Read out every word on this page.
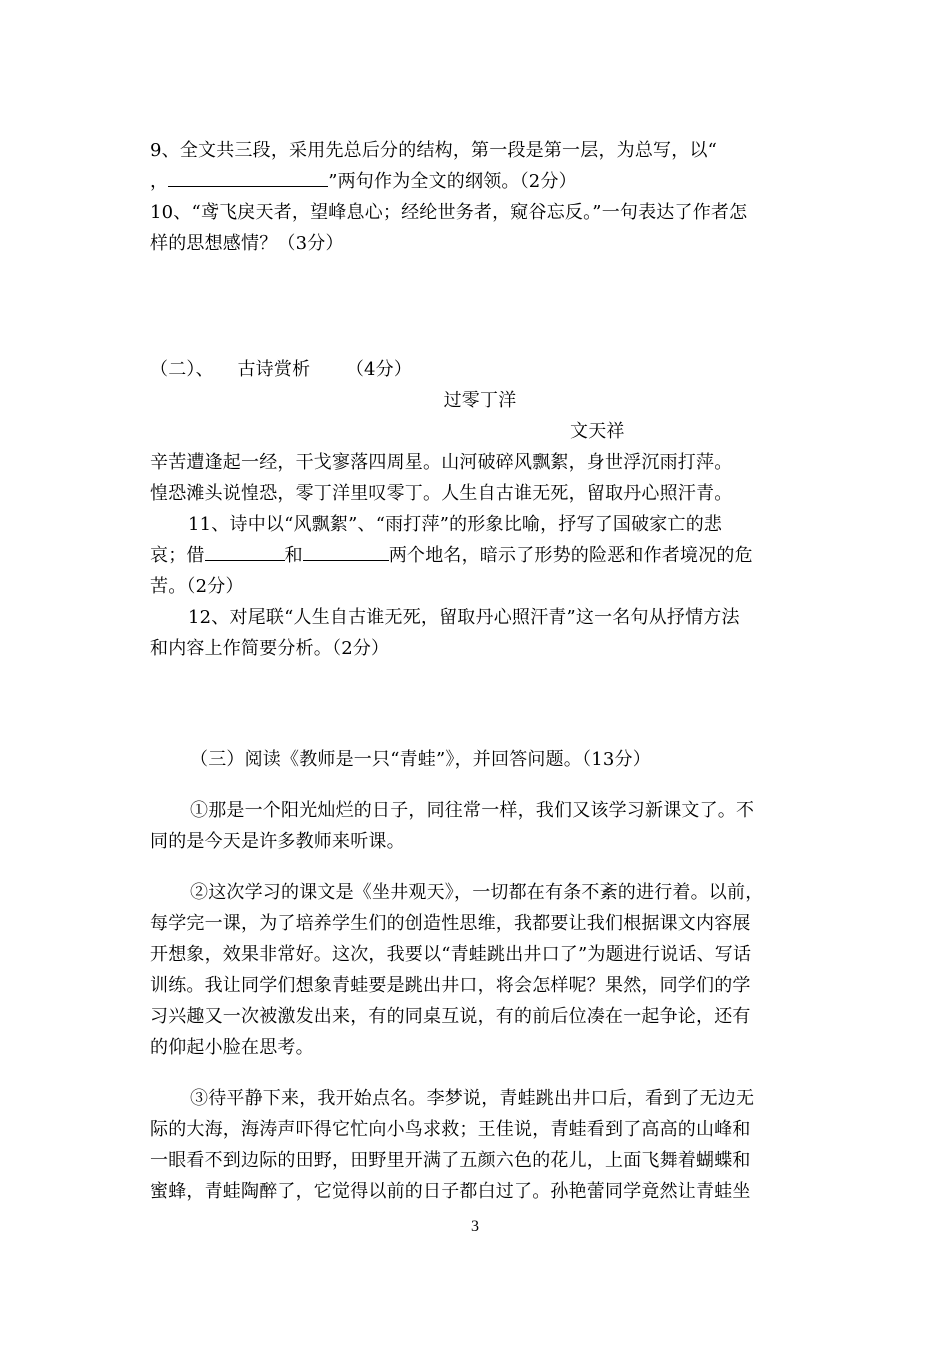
9、全文共三段，采用先总后分的结构，第一段是第一层，为总写，以“

，	”两句作为全文的纲领。（2分）

10、“鸢飞戾天者，望峰息心；经纶世务者，窥谷忘反。”一句表达了作者怎

样的思想感情？（3分）

（二）、    古诗赏析      （4分）

过零丁洋

文天祥

辛苦遭逢起一经，干戈寥落四周星。山河破碎风飘絮，身世浮沉雨打萍。

惶恐滩头说惶恐，零丁洋里叹零丁。人生自古谁无死，留取丹心照汗青。

11、诗中以“风飘絮”、“雨打萍”的形象比喻，抒写了国破家亡的悲

哀；借	和	两个地名，暗示了形势的险恶和作者境况的危

苦。（2分）

12、对尾联“人生自古谁无死，留取丹心照汗青”这一名句从抒情方法

和内容上作简要分析。（2分）

（三）阅读《教师是一只“青蛙”》，并回答问题。（13分）

①那是一个阳光灿烂的日子，同往常一样，我们又该学习新课文了。不

同的是今天是许多教师来听课。

②这次学习的课文是《坐井观天》，一切都在有条不紊的进行着。以前，

每学完一课，为了培养学生们的创造性思维，我都要让我们根据课文内容展

开想象，效果非常好。这次，我要以“青蛙跳出井口了”为题进行说话、写话

训练。我让同学们想象青蛙要是跳出井口，将会怎样呢？果然，同学们的学

习兴趣又一次被激发出来，有的同桌互说，有的前后位凑在一起争论，还有

的仰起小脸在思考。

③待平静下来，我开始点名。李梦说，青蛙跳出井口后，看到了无边无

际的大海，海涛声吓得它忙向小鸟求救；王佳说，青蛙看到了高高的山峰和

一眼看不到边际的田野，田野里开满了五颜六色的花儿，上面飞舞着蝴蝶和

蜜蜂，青蛙陶醉了，它觉得以前的日子都白过了。孙艳蕾同学竟然让青蛙坐

3
